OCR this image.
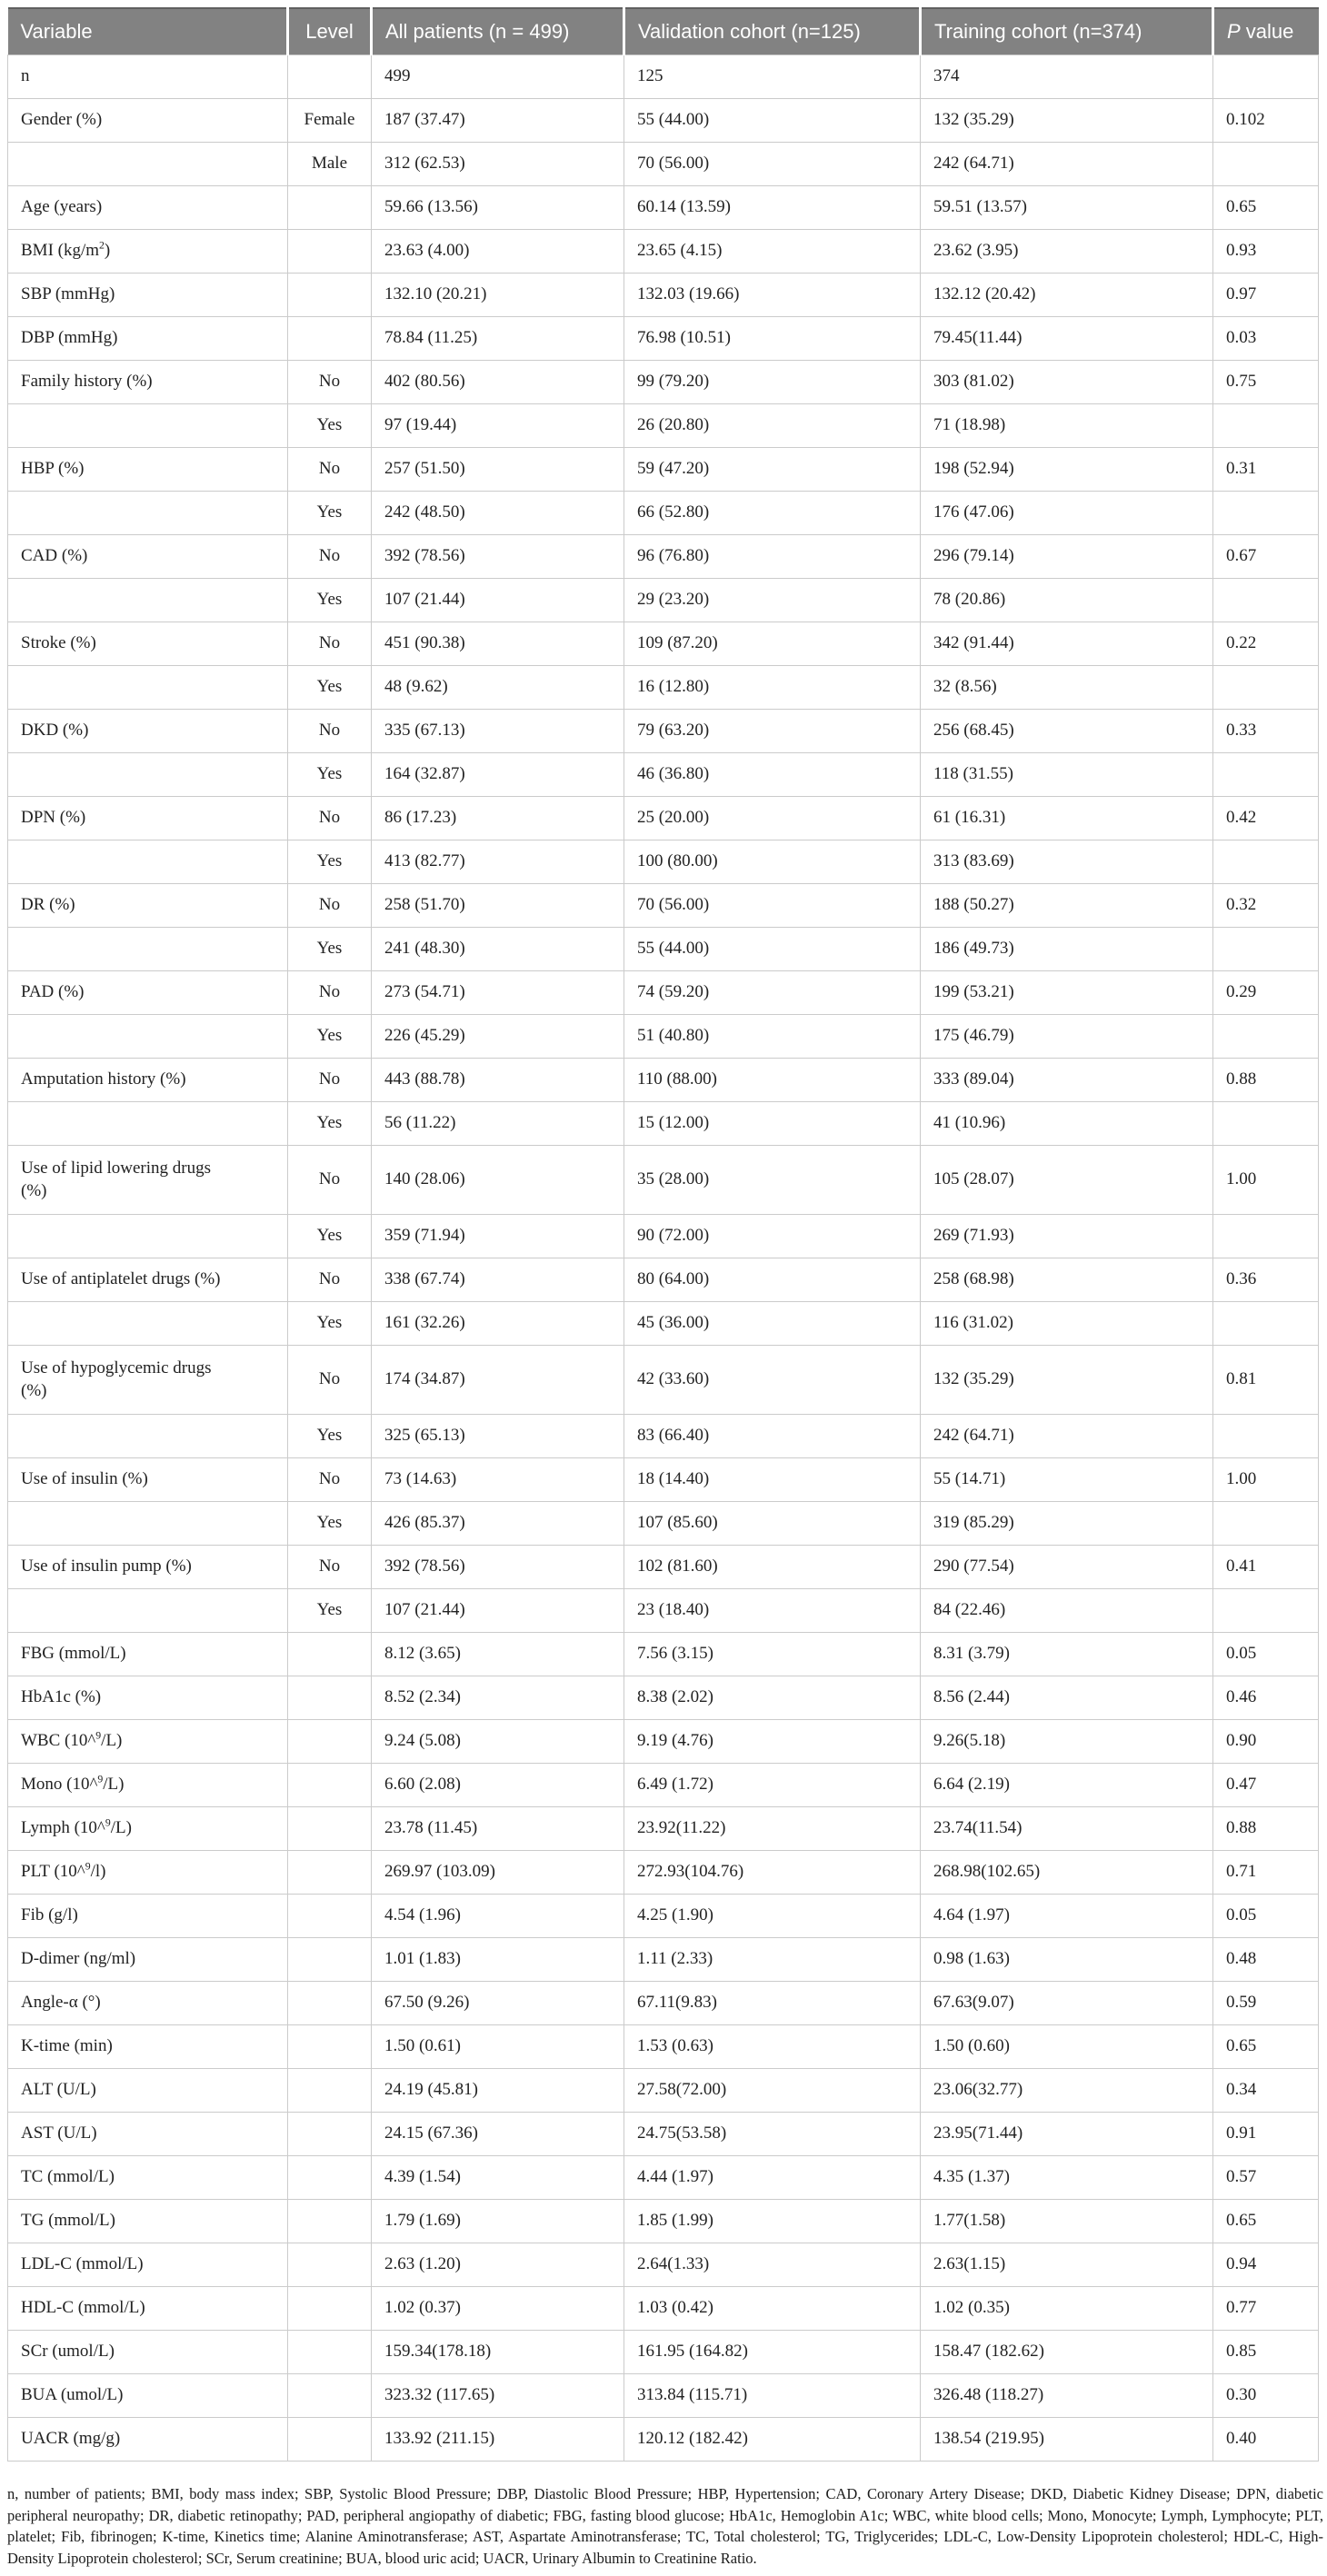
Variable	Level	All patients (n = 499)	Validation cohort (n=125)	Training cohort (n=374)	P value
n		499	125	374	
Gender (%)	Female	187 (37.47)	55 (44.00)	132 (35.29)	0.102
	Male	312 (62.53)	70 (56.00)	242 (64.71)	
Age (years)		59.66 (13.56)	60.14 (13.59)	59.51 (13.57)	0.65
BMI $(kg/m^2)$		23.63 (4.00)	23.65 (4.15)	23.62 (3.95)	0.93
SBP (mmHg)		132.10 (20.21)	132.03 (19.66)	132.12 (20.42)	0.97
DBP (mmHg)		78.84 (11.25)	76.98 (10.51)	79.45(11.44)	0.03
Family history (%)	No	402 (80.56)	99 (79.20)	303 (81.02)	0.75
	Yes	97 (19.44)	26 (20.80)	71 (18.98)	
HBP (%)	No	257 (51.50)	59 (47.20)	198 (52.94)	0.31
	Yes	242 (48.50)	66 (52.80)	176 (47.06)	
CAD (%)	No	392 (78.56)	96 (76.80)	296 (79.14)	0.67
	Yes	107 (21.44)	29 (23.20)	78 (20.86)	
Stroke (%)	No	451 (90.38)	109 (87.20)	342 (91.44)	0.22
	Yes	48 (9.62)	16 (12.80)	32 (8.56)	
DKD (%)	No	335 (67.13)	79 (63.20)	256 (68.45)	0.33
	Yes	164 (32.87)	46 (36.80)	118 (31.55)	
DPN (%)	No	86 (17.23)	25 (20.00)	61 (16.31)	0.42
	Yes	413 (82.77)	100 (80.00)	313 (83.69)	
DR (%)	No	258 (51.70)	70 (56.00)	188 (50.27)	0.32
	Yes	241 (48.30)	55 (44.00)	186 (49.73)	
PAD (%)	No	273 (54.71)	74 (59.20)	199 (53.21)	0.29
	Yes	226 (45.29)	51 (40.80)	175 (46.79)	
Amputation history (%)	No	443 (88.78)	110 (88.00)	333 (89.04)	0.88
	Yes	56 (11.22)	15 (12.00)	41 (10.96)	
Use of lipid lowering drugs
(%)	No	140 (28.06)	35 (28.00)	105 (28.07)	1.00
	Yes	359 (71.94)	90 (72.00)	269 (71.93)	
Use of antiplatelet drugs (%)	No	338 (67.74)	80 (64.00)	258 (68.98)	0.36
	Yes	161 (32.26)	45 (36.00)	116 (31.02)	
Use of hypoglycemic drugs
(%)	No	174 (34.87)	42 (33.60)	132 (35.29)	0.81
	Yes	325 (65.13)	83 (66.40)	242 (64.71)	
Use of insulin (%)	No	73 (14.63)	18 (14.40)	55 (14.71)	1.00
	Yes	426 (85.37)	107 (85.60)	319 (85.29)	
Use of insulin pump (%)	No	392 (78.56)	102 (81.60)	290 (77.54)	0.41
	Yes	107 (21.44)	23 (18.40)	84 (22.46)	
FBG (mmol/L)		8.12 (3.65)	7.56 (3.15)	8.31 (3.79)	0.05
HbA1c (%)		8.52 (2.34)	8.38 (2.02)	8.56 (2.44)	0.46
WBC (10^$^9$/L)		9.24 (5.08)	9.19 (4.76)	9.26(5.18)	0.90
Mono (10^$^9$/L)		6.60 (2.08)	6.49 (1.72)	6.64 (2.19)	0.47
Lymph (10^$^9$/L)		23.78 (11.45)	23.92(11.22)	23.74(11.54)	0.88
PLT (10^$^9$/l)		269.97 (103.09)	272.93(104.76)	268.98(102.65)	0.71
Fib (g/l)		4.54 (1.96)	4.25 (1.90)	4.64 (1.97)	0.05
D-dimer (ng/ml)		1.01 (1.83)	1.11 (2.33)	0.98 (1.63)	0.48
Angle-α (°)		67.50 (9.26)	67.11(9.83)	67.63(9.07)	0.59
K-time (min)		1.50 (0.61)	1.53 (0.63)	1.50 (0.60)	0.65
ALT (U/L)		24.19 (45.81)	27.58(72.00)	23.06(32.77)	0.34
AST (U/L)		24.15 (67.36)	24.75(53.58)	23.95(71.44)	0.91
TC (mmol/L)		4.39 (1.54)	4.44 (1.97)	4.35 (1.37)	0.57
TG (mmol/L)		1.79 (1.69)	1.85 (1.99)	1.77(1.58)	0.65
LDL-C (mmol/L)		2.63 (1.20)	2.64(1.33)	2.63(1.15)	0.94
HDL-C (mmol/L)		1.02 (0.37)	1.03 (0.42)	1.02 (0.35)	0.77
SCr (umol/L)		159.34(178.18)	161.95 (164.82)	158.47 (182.62)	0.85
BUA (umol/L)		323.32 (117.65)	313.84 (115.71)	326.48 (118.27)	0.30
UACR (mg/g)		133.92 (211.15)	120.12 (182.42)	138.54 (219.95)	0.40

n, number of patients; BMI, body mass index; SBP, Systolic Blood Pressure; DBP, Diastolic Blood Pressure; HBP, Hypertension; CAD, Coronary Artery Disease; DKD, Diabetic Kidney Disease; DPN, diabetic peripheral neuropathy; DR, diabetic retinopathy; PAD, peripheral angiopathy of diabetic; FBG, fasting blood glucose; HbA1c, Hemoglobin A1c; WBC, white blood cells; Mono, Monocyte; Lymph, Lymphocyte; PLT, platelet; Fib, fibrinogen; K-time, Kinetics time; Alanine Aminotransferase; AST, Aspartate Aminotransferase; TC, Total cholesterol; TG, Triglycerides; LDL-C, Low-Density Lipoprotein cholesterol; HDL-C, High-Density Lipoprotein cholesterol; SCr, Serum creatinine; BUA, blood uric acid; UACR, Urinary Albumin to Creatinine Ratio.
